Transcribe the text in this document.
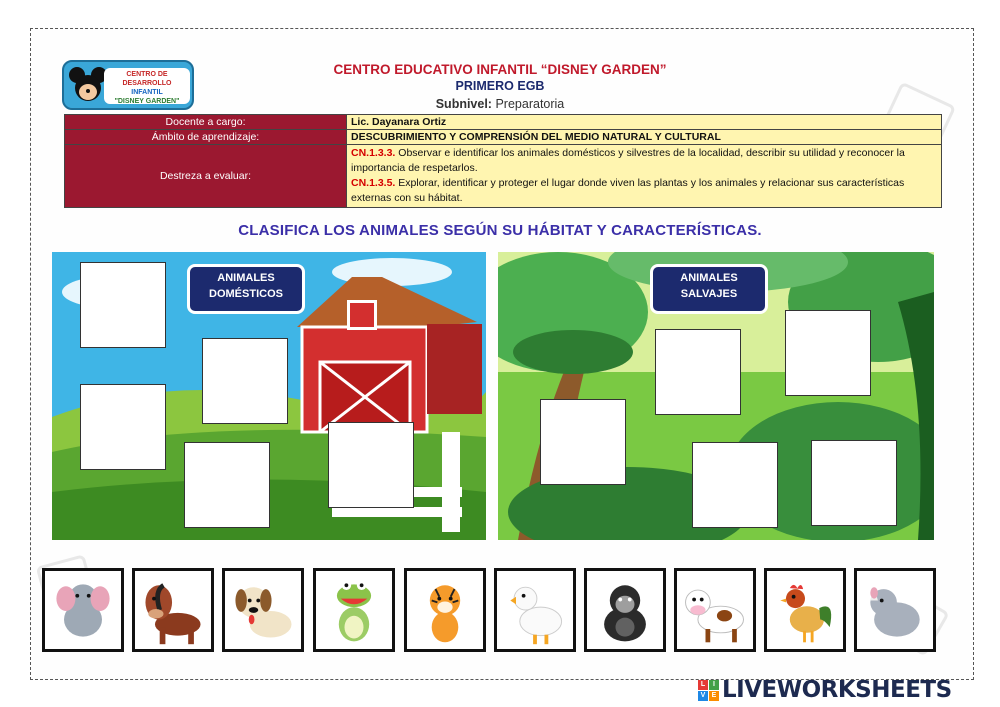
CENTRO DE DESARROLLO
INFANTIL
"DISNEY GARDEN"
CENTRO EDUCATIVO INFANTIL “DISNEY GARDEN”
PRIMERO EGB
Subnivel: Preparatoria
Docente a cargo:	Lic. Dayanara Ortiz
Ámbito de aprendizaje:	DESCUBRIMIENTO Y COMPRENSIÓN DEL MEDIO NATURAL Y CULTURAL
Destreza a evaluar:	CN.1.3.3. Observar e identificar los animales domésticos y silvestres de la localidad, describir su utilidad y reconocer la importancia de respetarlos.
CN.1.3.5. Explorar, identificar y proteger el lugar donde viven las plantas y los animales y relacionar sus características externas con su hábitat.
CLASIFICA LOS ANIMALES SEGÚN SU HÁBITAT Y CARACTERÍSTICAS.
ANIMALES
DOMÉSTICOS
ANIMALES
SALVAJES
L	I
V E LIVEWORKSHEETS
